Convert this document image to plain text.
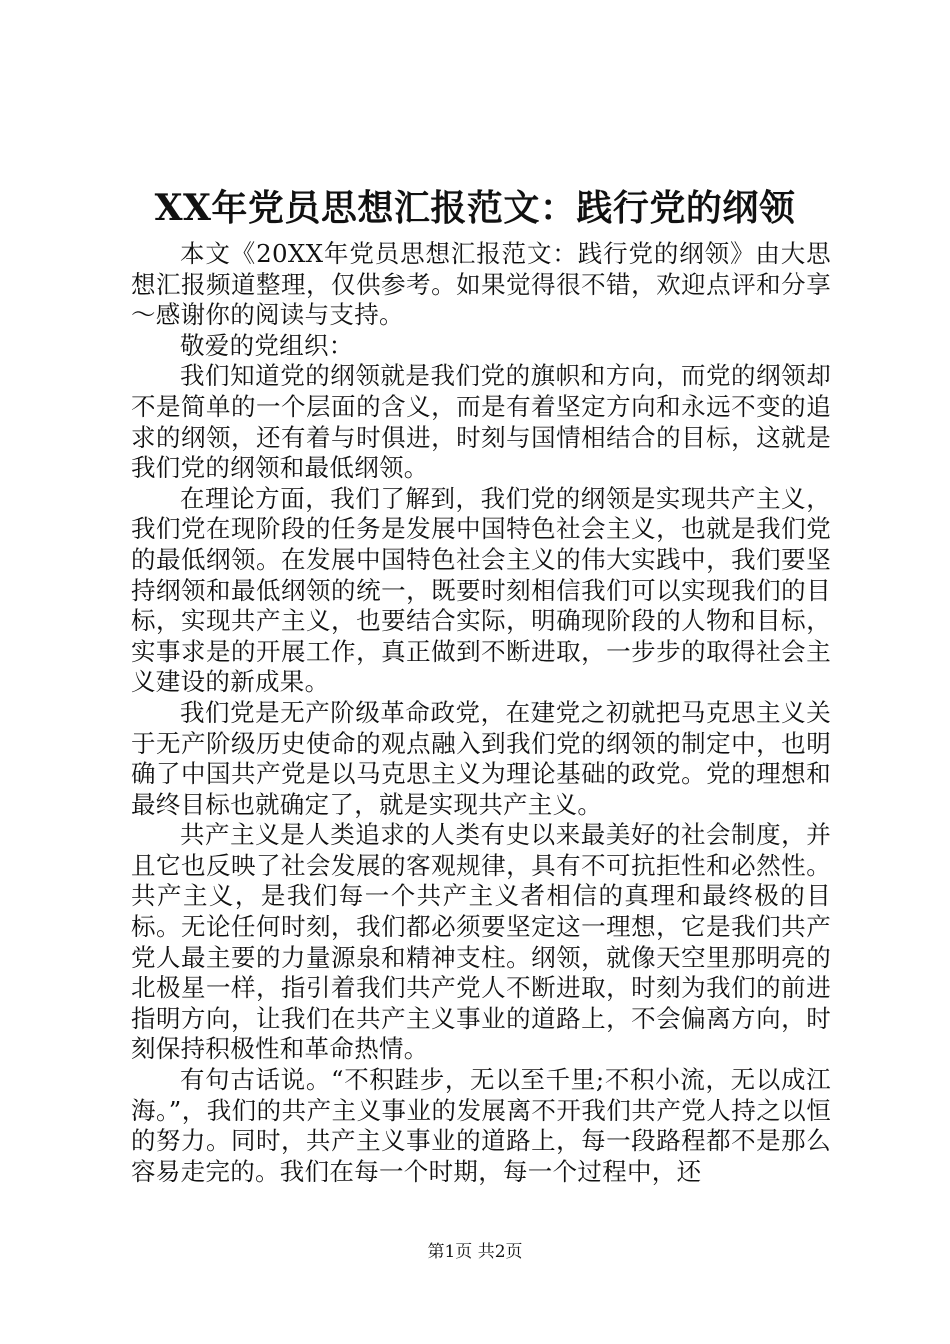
XX年党员思想汇报范文：践行党的纲领

本文《20XX年党员思想汇报范文：践行党的纲领》由大思想汇报频道整理，仅供参考。如果觉得很不错，欢迎点评和分享～感谢你的阅读与支持。

敬爱的党组织：

我们知道党的纲领就是我们党的旗帜和方向，而党的纲领却不是简单的一个层面的含义，而是有着坚定方向和永远不变的追求的纲领，还有着与时俱进，时刻与国情相结合的目标，这就是我们党的纲领和最低纲领。

在理论方面，我们了解到，我们党的纲领是实现共产主义，我们党在现阶段的任务是发展中国特色社会主义，也就是我们党的最低纲领。在发展中国特色社会主义的伟大实践中，我们要坚持纲领和最低纲领的统一，既要时刻相信我们可以实现我们的目标，实现共产主义，也要结合实际，明确现阶段的人物和目标，实事求是的开展工作，真正做到不断进取，一步步的取得社会主义建设的新成果。

我们党是无产阶级革命政党，在建党之初就把马克思主义关于无产阶级历史使命的观点融入到我们党的纲领的制定中，也明确了中国共产党是以马克思主义为理论基础的政党。党的理想和最终目标也就确定了，就是实现共产主义。

共产主义是人类追求的人类有史以来最美好的社会制度，并且它也反映了社会发展的客观规律，具有不可抗拒性和必然性。共产主义，是我们每一个共产主义者相信的真理和最终极的目标。无论任何时刻，我们都必须要坚定这一理想，它是我们共产党人最主要的力量源泉和精神支柱。纲领，就像天空里那明亮的北极星一样，指引着我们共产党人不断进取，时刻为我们的前进指明方向，让我们在共产主义事业的道路上，不会偏离方向，时刻保持积极性和革命热情。

有句古话说。“不积跬步，无以至千里;不积小流，无以成江海。”，我们的共产主义事业的发展离不开我们共产党人持之以恒的努力。同时，共产主义事业的道路上，每一段路程都不是那么容易走完的。我们在每一个时期，每一个过程中，还

第1页 共2页
